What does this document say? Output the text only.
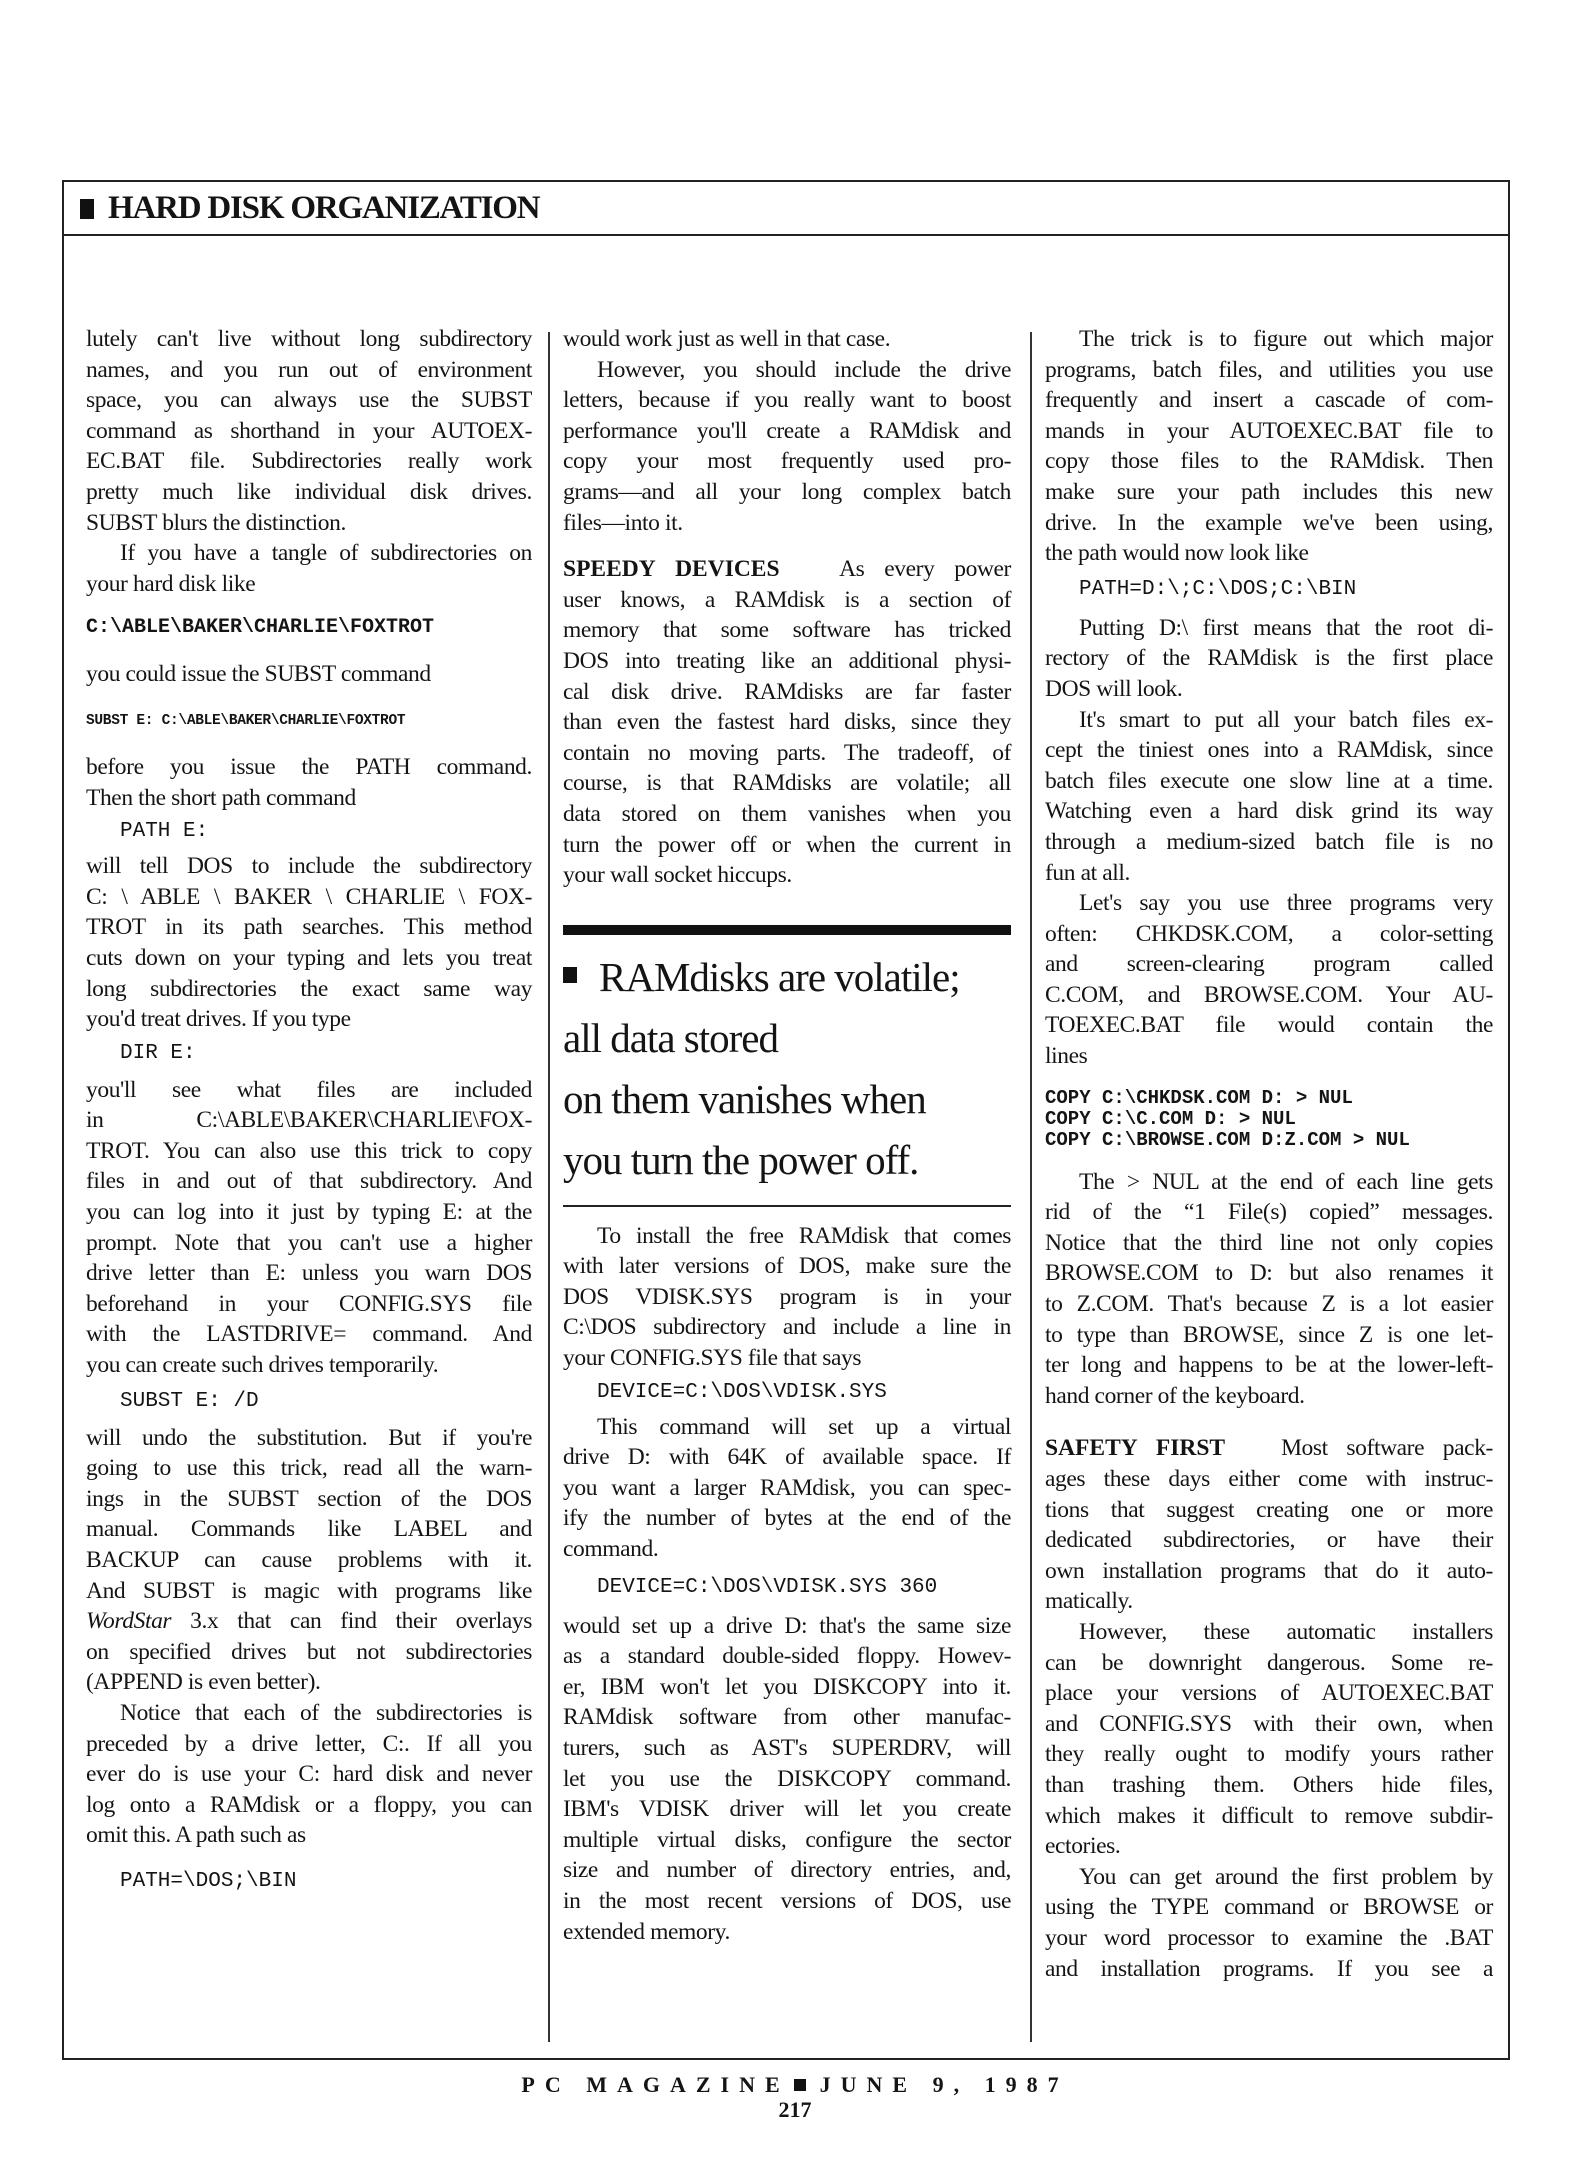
HARD DISK ORGANIZATION
lutely can't live without long subdirectory
names, and you run out of environment
space, you can always use the SUBST
command as shorthand in your AUTOEX-
EC.BAT file. Subdirectories really work
pretty much like individual disk drives.
SUBST blurs the distinction.
If you have a tangle of subdirectories on
your hard disk like
C:\ABLE\BAKER\CHARLIE\FOXTROT
you could issue the SUBST command
SUBST E: C:\ABLE\BAKER\CHARLIE\FOXTROT
before you issue the PATH command.
Then the short path command
PATH E:
will tell DOS to include the subdirectory
C: \ ABLE \ BAKER \ CHARLIE \ FOX-
TROT in its path searches. This method
cuts down on your typing and lets you treat
long subdirectories the exact same way
you'd treat drives. If you type
DIR E:
you'll see what files are included
in C:\ABLE\BAKER\CHARLIE\FOX-
TROT. You can also use this trick to copy
files in and out of that subdirectory. And
you can log into it just by typing E: at the
prompt. Note that you can't use a higher
drive letter than E: unless you warn DOS
beforehand in your CONFIG.SYS file
with the LASTDRIVE= command. And
you can create such drives temporarily.
SUBST E: /D
will undo the substitution. But if you're
going to use this trick, read all the warn-
ings in the SUBST section of the DOS
manual. Commands like LABEL and
BACKUP can cause problems with it.
And SUBST is magic with programs like
WordStar 3.x that can find their overlays
on specified drives but not subdirectories
(APPEND is even better).
Notice that each of the subdirectories is
preceded by a drive letter, C:. If all you
ever do is use your C: hard disk and never
log onto a RAMdisk or a floppy, you can
omit this. A path such as
PATH=\DOS;\BIN
would work just as well in that case.
However, you should include the drive
letters, because if you really want to boost
performance you'll create a RAMdisk and
copy your most frequently used pro-
grams—and all your long complex batch
files—into it.
SPEEDY DEVICES	As every power
user knows, a RAMdisk is a section of
memory that some software has tricked
DOS into treating like an additional physi-
cal disk drive. RAMdisks are far faster
than even the fastest hard disks, since they
contain no moving parts. The tradeoff, of
course, is that RAMdisks are volatile; all
data stored on them vanishes when you
turn the power off or when the current in
your wall socket hiccups.
RAMdisks are volatile;
all data stored
on them vanishes when
you turn the power off.
To install the free RAMdisk that comes
with later versions of DOS, make sure the
DOS VDISK.SYS program is in your
C:\DOS subdirectory and include a line in
your CONFIG.SYS file that says
DEVICE=C:\DOS\VDISK.SYS
This command will set up a virtual
drive D: with 64K of available space. If
you want a larger RAMdisk, you can spec-
ify the number of bytes at the end of the
command.
DEVICE=C:\DOS\VDISK.SYS 360
would set up a drive D: that's the same size
as a standard double-sided floppy. Howev-
er, IBM won't let you DISKCOPY into it.
RAMdisk software from other manufac-
turers, such as AST's SUPERDRV, will
let you use the DISKCOPY command.
IBM's VDISK driver will let you create
multiple virtual disks, configure the sector
size and number of directory entries, and,
in the most recent versions of DOS, use
extended memory.
The trick is to figure out which major
programs, batch files, and utilities you use
frequently and insert a cascade of com-
mands in your AUTOEXEC.BAT file to
copy those files to the RAMdisk. Then
make sure your path includes this new
drive. In the example we've been using,
the path would now look like
PATH=D:\;C:\DOS;C:\BIN
Putting D:\ first means that the root di-
rectory of the RAMdisk is the first place
DOS will look.
It's smart to put all your batch files ex-
cept the tiniest ones into a RAMdisk, since
batch files execute one slow line at a time.
Watching even a hard disk grind its way
through a medium-sized batch file is no
fun at all.
Let's say you use three programs very
often: CHKDSK.COM, a color-setting
and screen-clearing program called
C.COM, and BROWSE.COM. Your AU-
TOEXEC.BAT file would contain the
lines
COPY C:\CHKDSK.COM D: > NUL
COPY C:\C.COM D: > NUL
COPY C:\BROWSE.COM D:Z.COM > NUL
The > NUL at the end of each line gets
rid of the “1 File(s) copied” messages.
Notice that the third line not only copies
BROWSE.COM to D: but also renames it
to Z.COM. That's because Z is a lot easier
to type than BROWSE, since Z is one let-
ter long and happens to be at the lower-left-
hand corner of the keyboard.
SAFETY FIRST Most software pack-
ages these days either come with instruc-
tions that suggest creating one or more
dedicated subdirectories, or have their
own installation programs that do it auto-
matically.
However, these automatic installers
can be downright dangerous. Some re-
place your versions of AUTOEXEC.BAT
and CONFIG.SYS with their own, when
they really ought to modify yours rather
than trashing them. Others hide files,
which makes it difficult to remove subdir-
ectories.
You can get around the first problem by
using the TYPE command or BROWSE or
your word processor to examine the .BAT
and installation programs. If you see a
PC MAGAZINE JUNE 9, 1987
217
